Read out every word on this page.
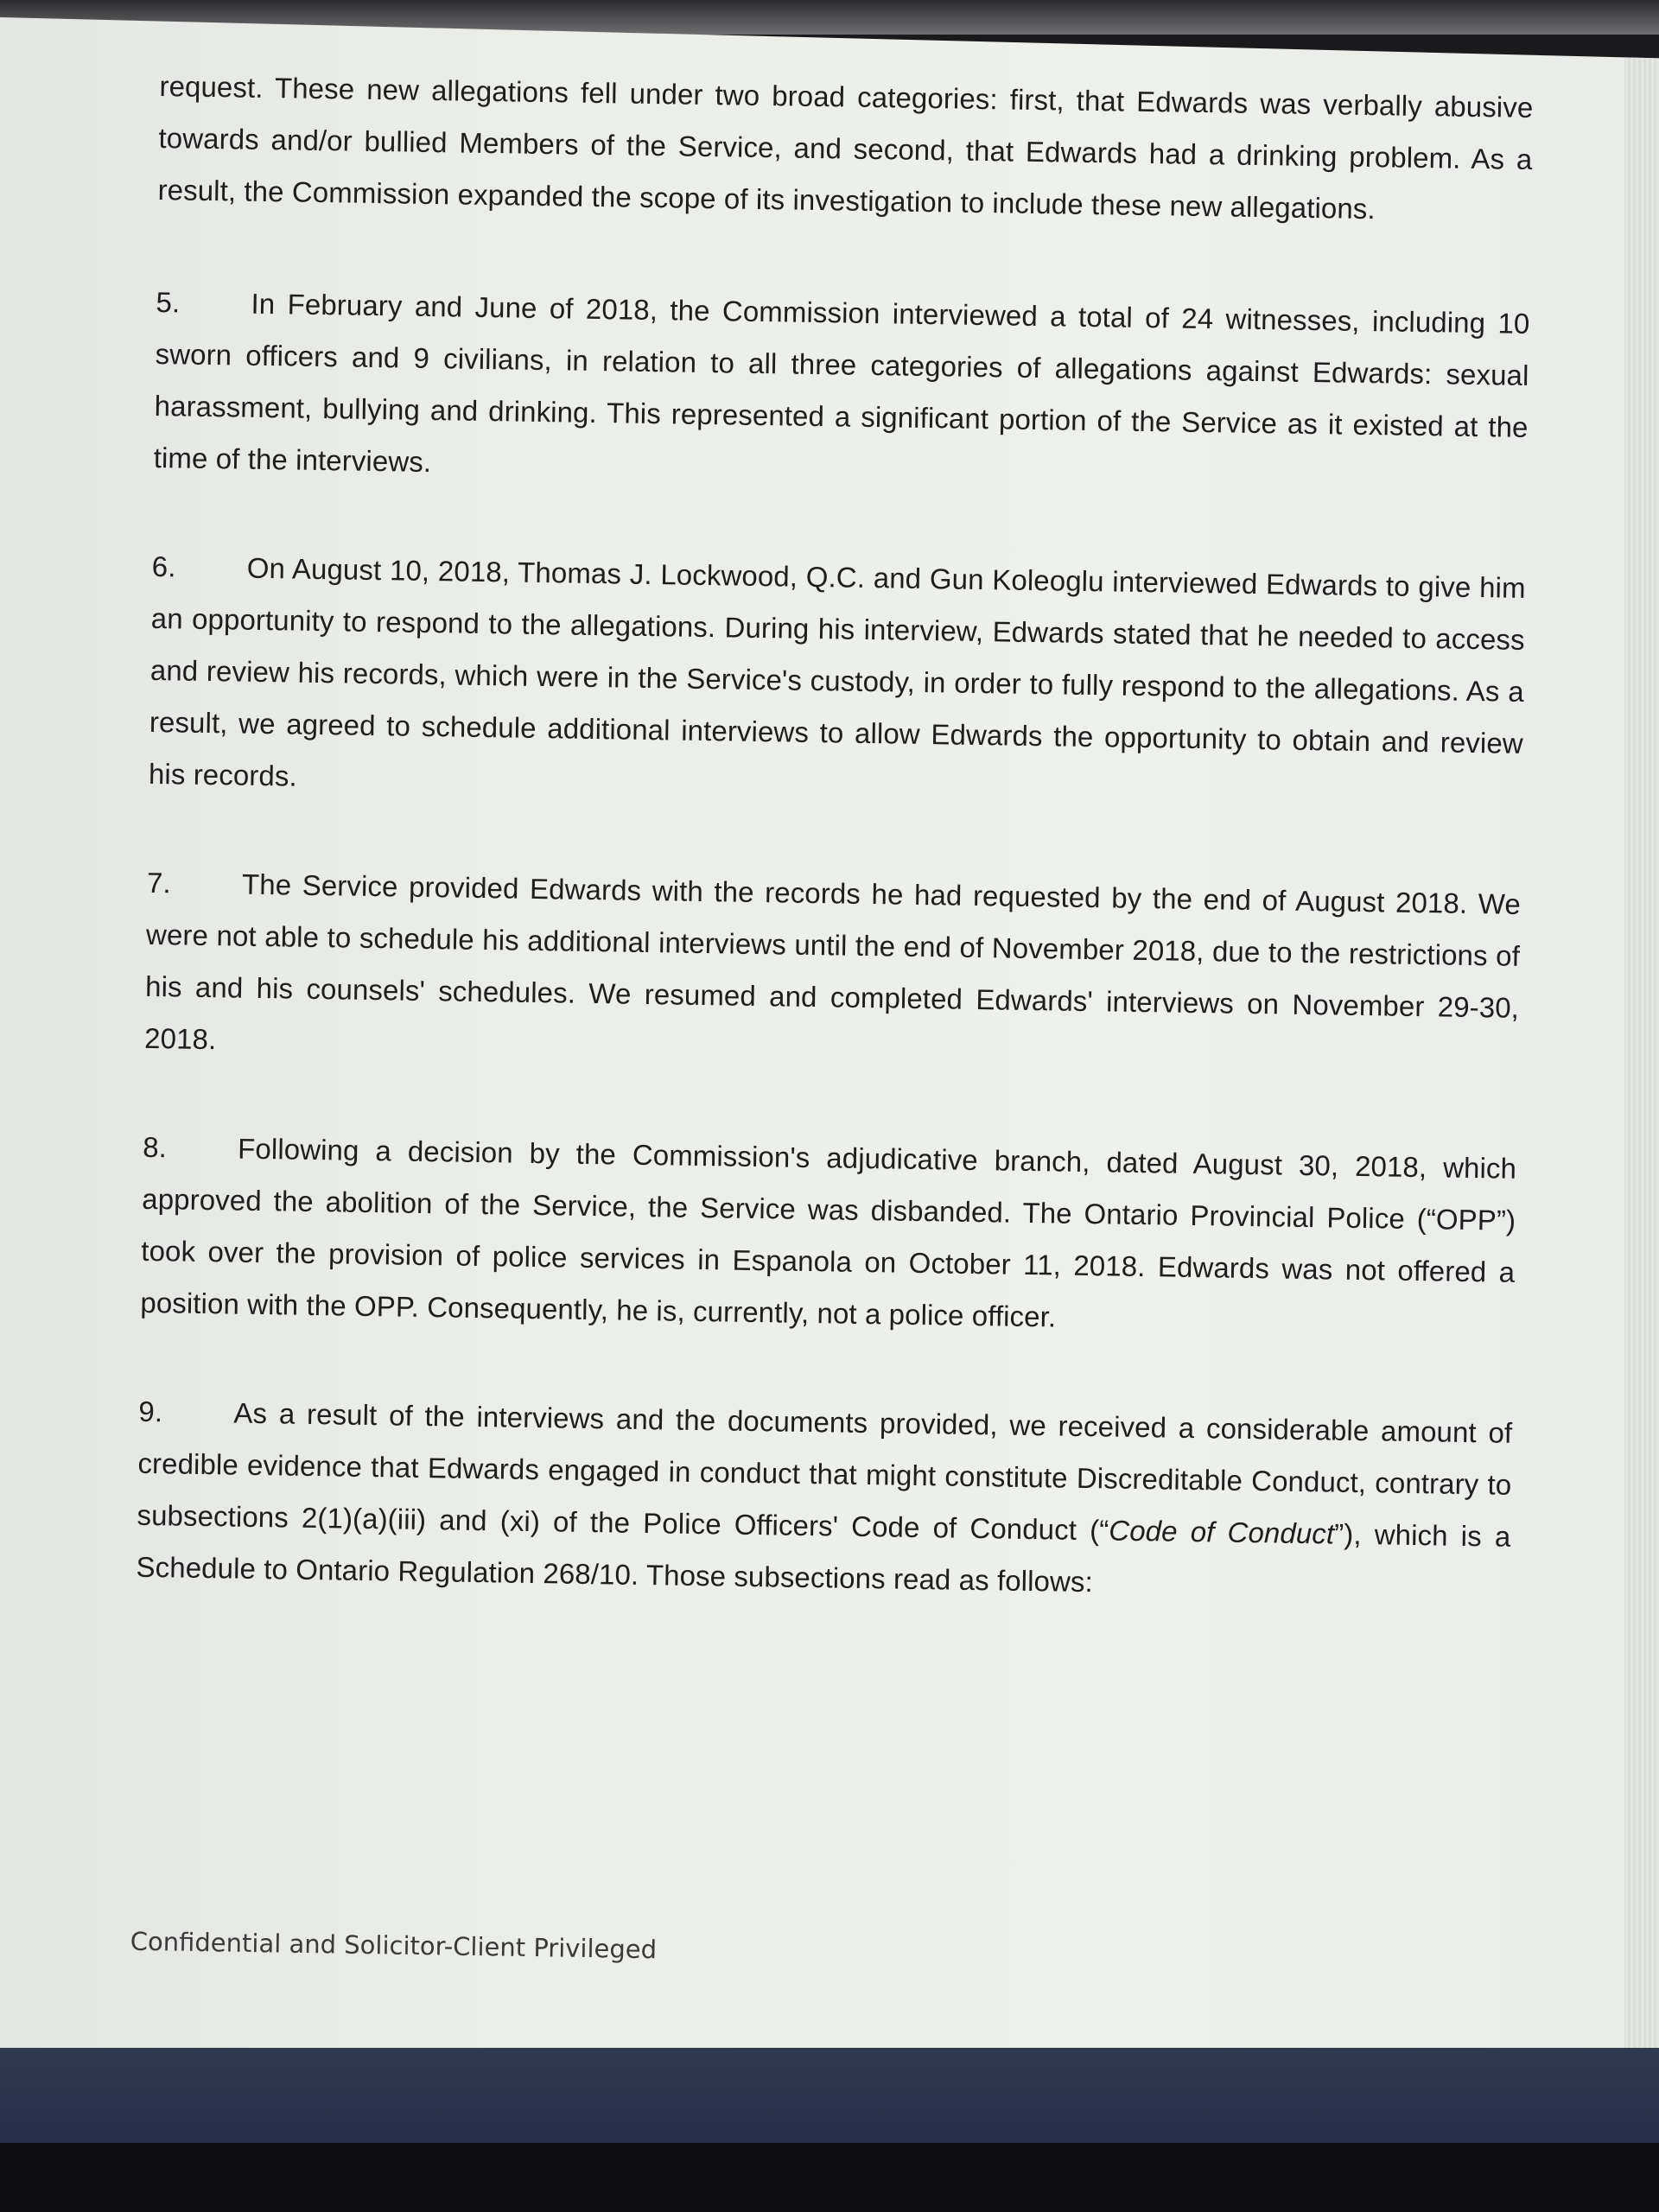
request. These new allegations fell under two broad categories: first, that Edwards was verbally abusive towards and/or bullied Members of the Service, and second, that Edwards had a drinking problem. As a result, the Commission expanded the scope of its investigation to include these new allegations.

5. In February and June of 2018, the Commission interviewed a total of 24 witnesses, including 10 sworn officers and 9 civilians, in relation to all three categories of allegations against Edwards: sexual harassment, bullying and drinking. This represented a significant portion of the Service as it existed at the time of the interviews.

6. On August 10, 2018, Thomas J. Lockwood, Q.C. and Gun Koleoglu interviewed Edwards to give him an opportunity to respond to the allegations. During his interview, Edwards stated that he needed to access and review his records, which were in the Service's custody, in order to fully respond to the allegations. As a result, we agreed to schedule additional interviews to allow Edwards the opportunity to obtain and review his records.

7. The Service provided Edwards with the records he had requested by the end of August 2018. We were not able to schedule his additional interviews until the end of November 2018, due to the restrictions of his and his counsels' schedules. We resumed and completed Edwards' interviews on November 29-30, 2018.

8. Following a decision by the Commission's adjudicative branch, dated August 30, 2018, which approved the abolition of the Service, the Service was disbanded. The Ontario Provincial Police (“OPP”) took over the provision of police services in Espanola on October 11, 2018. Edwards was not offered a position with the OPP. Consequently, he is, currently, not a police officer.

9. As a result of the interviews and the documents provided, we received a considerable amount of credible evidence that Edwards engaged in conduct that might constitute Discreditable Conduct, contrary to subsections 2(1)(a)(iii) and (xi) of the Police Officers' Code of Conduct (“Code of Conduct”), which is a Schedule to Ontario Regulation 268/10. Those subsections read as follows:

Confidential and Solicitor-Client Privileged
